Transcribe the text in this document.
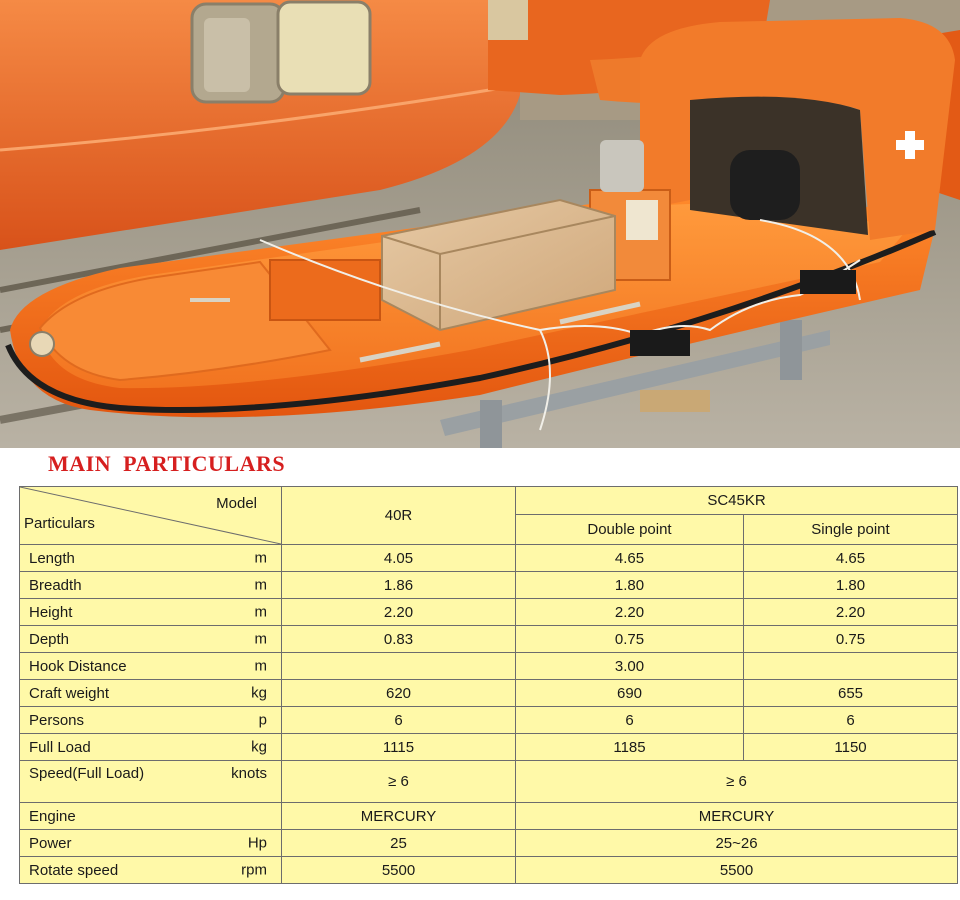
MAIN  PARTICULARS
Model
Particulars	40R	SC45KR	
		Double point	Single point
Length m	4.05	4.65	4.65
Breadth m	1.86	1.80	1.80
Height m	2.20	2.20	2.20
Depth m	0.83	0.75	0.75
Hook Distance m		3.00	
Craft weight kg	620	690	655
Persons p	6	6	6
Full Load kg	1115	1185	1150

Speed(Full Load) knots	≥ 6	≥ 6	
Engine	MERCURY	MERCURY	
Power Hp	25	25~26	
Rotate speed rpm	5500	5500	
